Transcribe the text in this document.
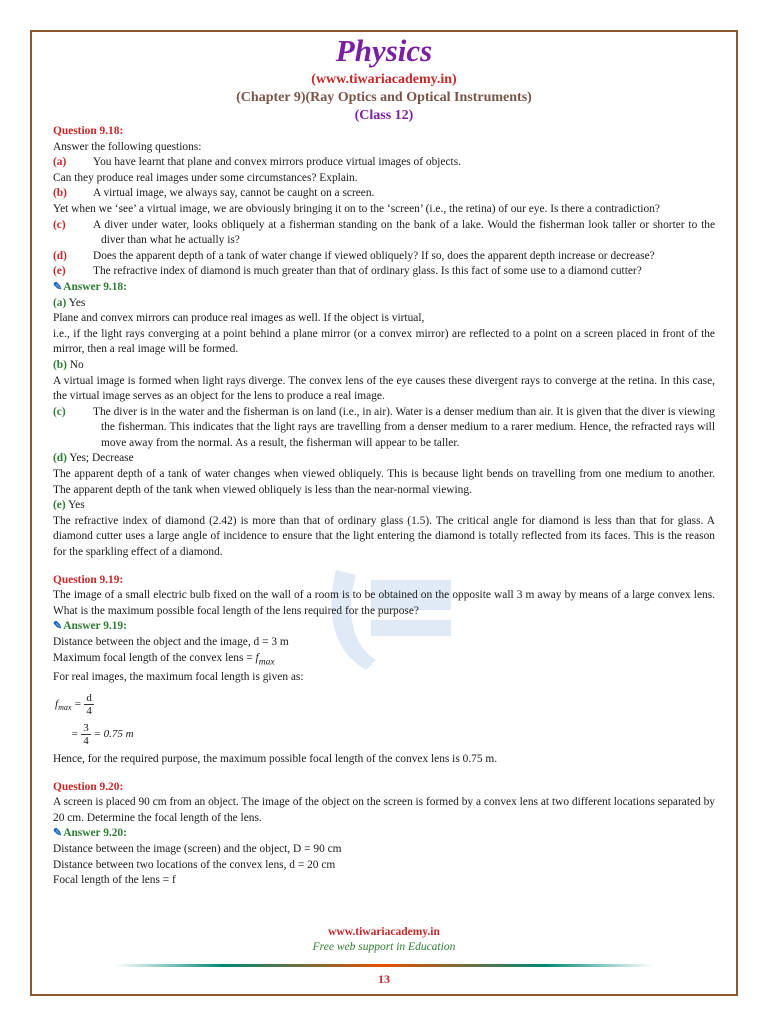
Physics
(www.tiwariacademy.in)
(Chapter 9)(Ray Optics and Optical Instruments)
(Class 12)
Question 9.18:
Answer the following questions:
(a) You have learnt that plane and convex mirrors produce virtual images of objects.
Can they produce real images under some circumstances? Explain.
(b) A virtual image, we always say, cannot be caught on a screen.
Yet when we ‘see’ a virtual image, we are obviously bringing it on to the ‘screen’ (i.e., the retina) of our eye. Is there a contradiction?
(c) A diver under water, looks obliquely at a fisherman standing on the bank of a lake. Would the fisherman look taller or shorter to the diver than what he actually is?
(d) Does the apparent depth of a tank of water change if viewed obliquely? If so, does the apparent depth increase or decrease?
(e) The refractive index of diamond is much greater than that of ordinary glass. Is this fact of some use to a diamond cutter?
✎Answer 9.18:
(a) Yes
Plane and convex mirrors can produce real images as well. If the object is virtual,
i.e., if the light rays converging at a point behind a plane mirror (or a convex mirror) are reflected to a point on a screen placed in front of the mirror, then a real image will be formed.
(b) No
A virtual image is formed when light rays diverge. The convex lens of the eye causes these divergent rays to converge at the retina. In this case, the virtual image serves as an object for the lens to produce a real image.
(c) The diver is in the water and the fisherman is on land (i.e., in air). Water is a denser medium than air. It is given that the diver is viewing the fisherman. This indicates that the light rays are travelling from a denser medium to a rarer medium. Hence, the refracted rays will move away from the normal. As a result, the fisherman will appear to be taller.
(d) Yes; Decrease
The apparent depth of a tank of water changes when viewed obliquely. This is because light bends on travelling from one medium to another. The apparent depth of the tank when viewed obliquely is less than the near-normal viewing.
(e) Yes
The refractive index of diamond (2.42) is more than that of ordinary glass (1.5). The critical angle for diamond is less than that for glass. A diamond cutter uses a large angle of incidence to ensure that the light entering the diamond is totally reflected from its faces. This is the reason for the sparkling effect of a diamond.
Question 9.19:
The image of a small electric bulb fixed on the wall of a room is to be obtained on the opposite wall 3 m away by means of a large convex lens. What is the maximum possible focal length of the lens required for the purpose?
✎Answer 9.19:
Distance between the object and the image, d = 3 m
Maximum focal length of the convex lens = $f_{max}$
For real images, the maximum focal length is given as:
$f_{max} = \frac{d}{4}$
= $\frac{3}{4} = 0.75$ m
Hence, for the required purpose, the maximum possible focal length of the convex lens is 0.75 m.
Question 9.20:
A screen is placed 90 cm from an object. The image of the object on the screen is formed by a convex lens at two different locations separated by 20 cm. Determine the focal length of the lens.
✎Answer 9.20:
Distance between the image (screen) and the object, D = 90 cm
Distance between two locations of the convex lens, d = 20 cm
Focal length of the lens = f
www.tiwariacademy.in
Free web support in Education
13
